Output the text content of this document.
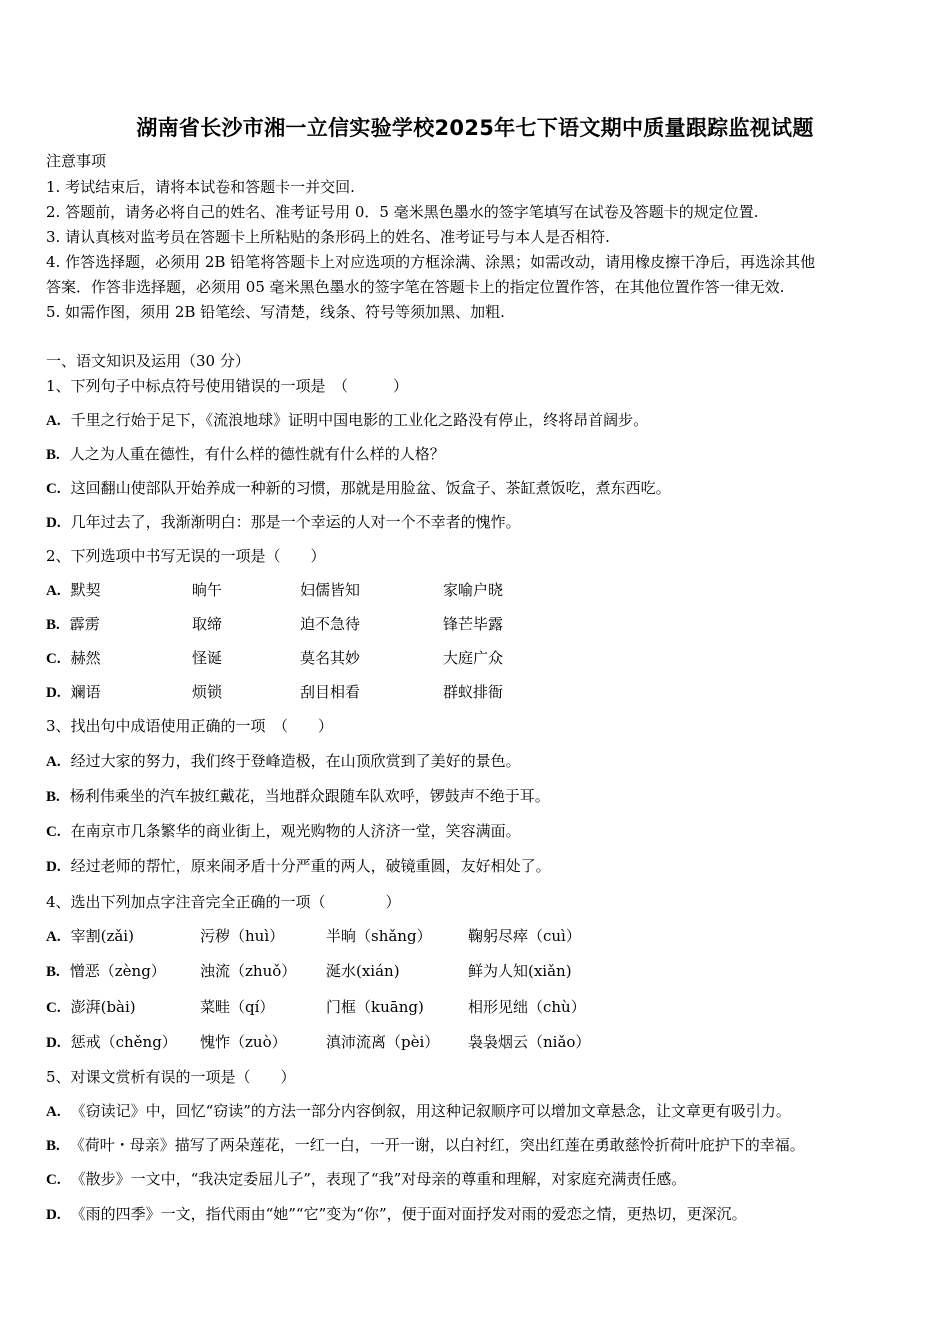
湖南省长沙市湘一立信实验学校2025年七下语文期中质量跟踪监视试题
注意事项
1. 考试结束后，请将本试卷和答题卡一并交回.
2. 答题前，请务必将自己的姓名、准考证号用 0．5 毫米黑色墨水的签字笔填写在试卷及答题卡的规定位置.
3. 请认真核对监考员在答题卡上所粘贴的条形码上的姓名、准考证号与本人是否相符.
4. 作答选择题，必须用 2B 铅笔将答题卡上对应选项的方框涂满、涂黑；如需改动，请用橡皮擦干净后，再选涂其他
答案．作答非选择题，必须用 05 毫米黑色墨水的签字笔在答题卡上的指定位置作答，在其他位置作答一律无效.
5. 如需作图，须用 2B 铅笔绘、写清楚，线条、符号等须加黑、加粗.
一、语文知识及运用（30 分）
1、下列句子中标点符号使用错误的一项是　（　　　）
A. 千里之行始于足下，《流浪地球》证明中国电影的工业化之路没有停止，终将昂首阔步。
B. 人之为人重在德性，有什么样的德性就有什么样的人格？
C. 这回翻山使部队开始养成一种新的习惯，那就是用脸盆、饭盒子、茶缸煮饭吃，煮东西吃。
D. 几年过去了，我渐渐明白：那是一个幸运的人对一个不幸者的愧怍。
2、下列选项中书写无误的一项是（　　）
A. 默契	晌午	妇儒皆知	家喻户晓
B. 霹雳	取缔	迫不急待	锋芒毕露
C. 赫然	怪诞	莫名其妙	大庭广众
D. 斓语	烦锁	刮目相看	群蚁排衙
3、找出句中成语使用正确的一项　（　　）
A. 经过大家的努力，我们终于登峰造极，在山顶欣赏到了美好的景色。
B. 杨利伟乘坐的汽车披红戴花，当地群众跟随车队欢呼，锣鼓声不绝于耳。
C. 在南京市几条繁华的商业街上，观光购物的人济济一堂，笑容满面。
D. 经过老师的帮忙，原来闹矛盾十分严重的两人，破镜重圆，友好相处了。
4、选出下列加点字注音完全正确的一项（　　　　）
A. 宰割(zǎi)	污秽（huì）	半晌（shǎng） 鞠躬尽瘁（cuì）
B. 憎恶（zèng） 浊流（zhuǒ） 涎水(xián)	鲜为人知(xiǎn)
C. 澎湃(bài)	菜畦（qí）	门框（kuāng)	相形见绌（chù）
D. 惩戒（chěng） 愧怍（zuò）	滇沛流离（pèi） 袅袅烟云（niǎo）
5、对课文赏析有误的一项是（　　）
A. 《窃读记》中，回忆“窃读”的方法一部分内容倒叙，用这种记叙顺序可以增加文章悬念，让文章更有吸引力。
B. 《荷叶・母亲》描写了两朵莲花，一红一白，一开一谢，以白衬红，突出红莲在勇敢慈怜折荷叶庇护下的幸福。
C. 《散步》一文中，“我决定委屈儿子”，表现了“我”对母亲的尊重和理解，对家庭充满责任感。
D. 《雨的四季》一文，指代雨由“她”“它”变为“你”，便于面对面抒发对雨的爱恋之情，更热切，更深沉。
